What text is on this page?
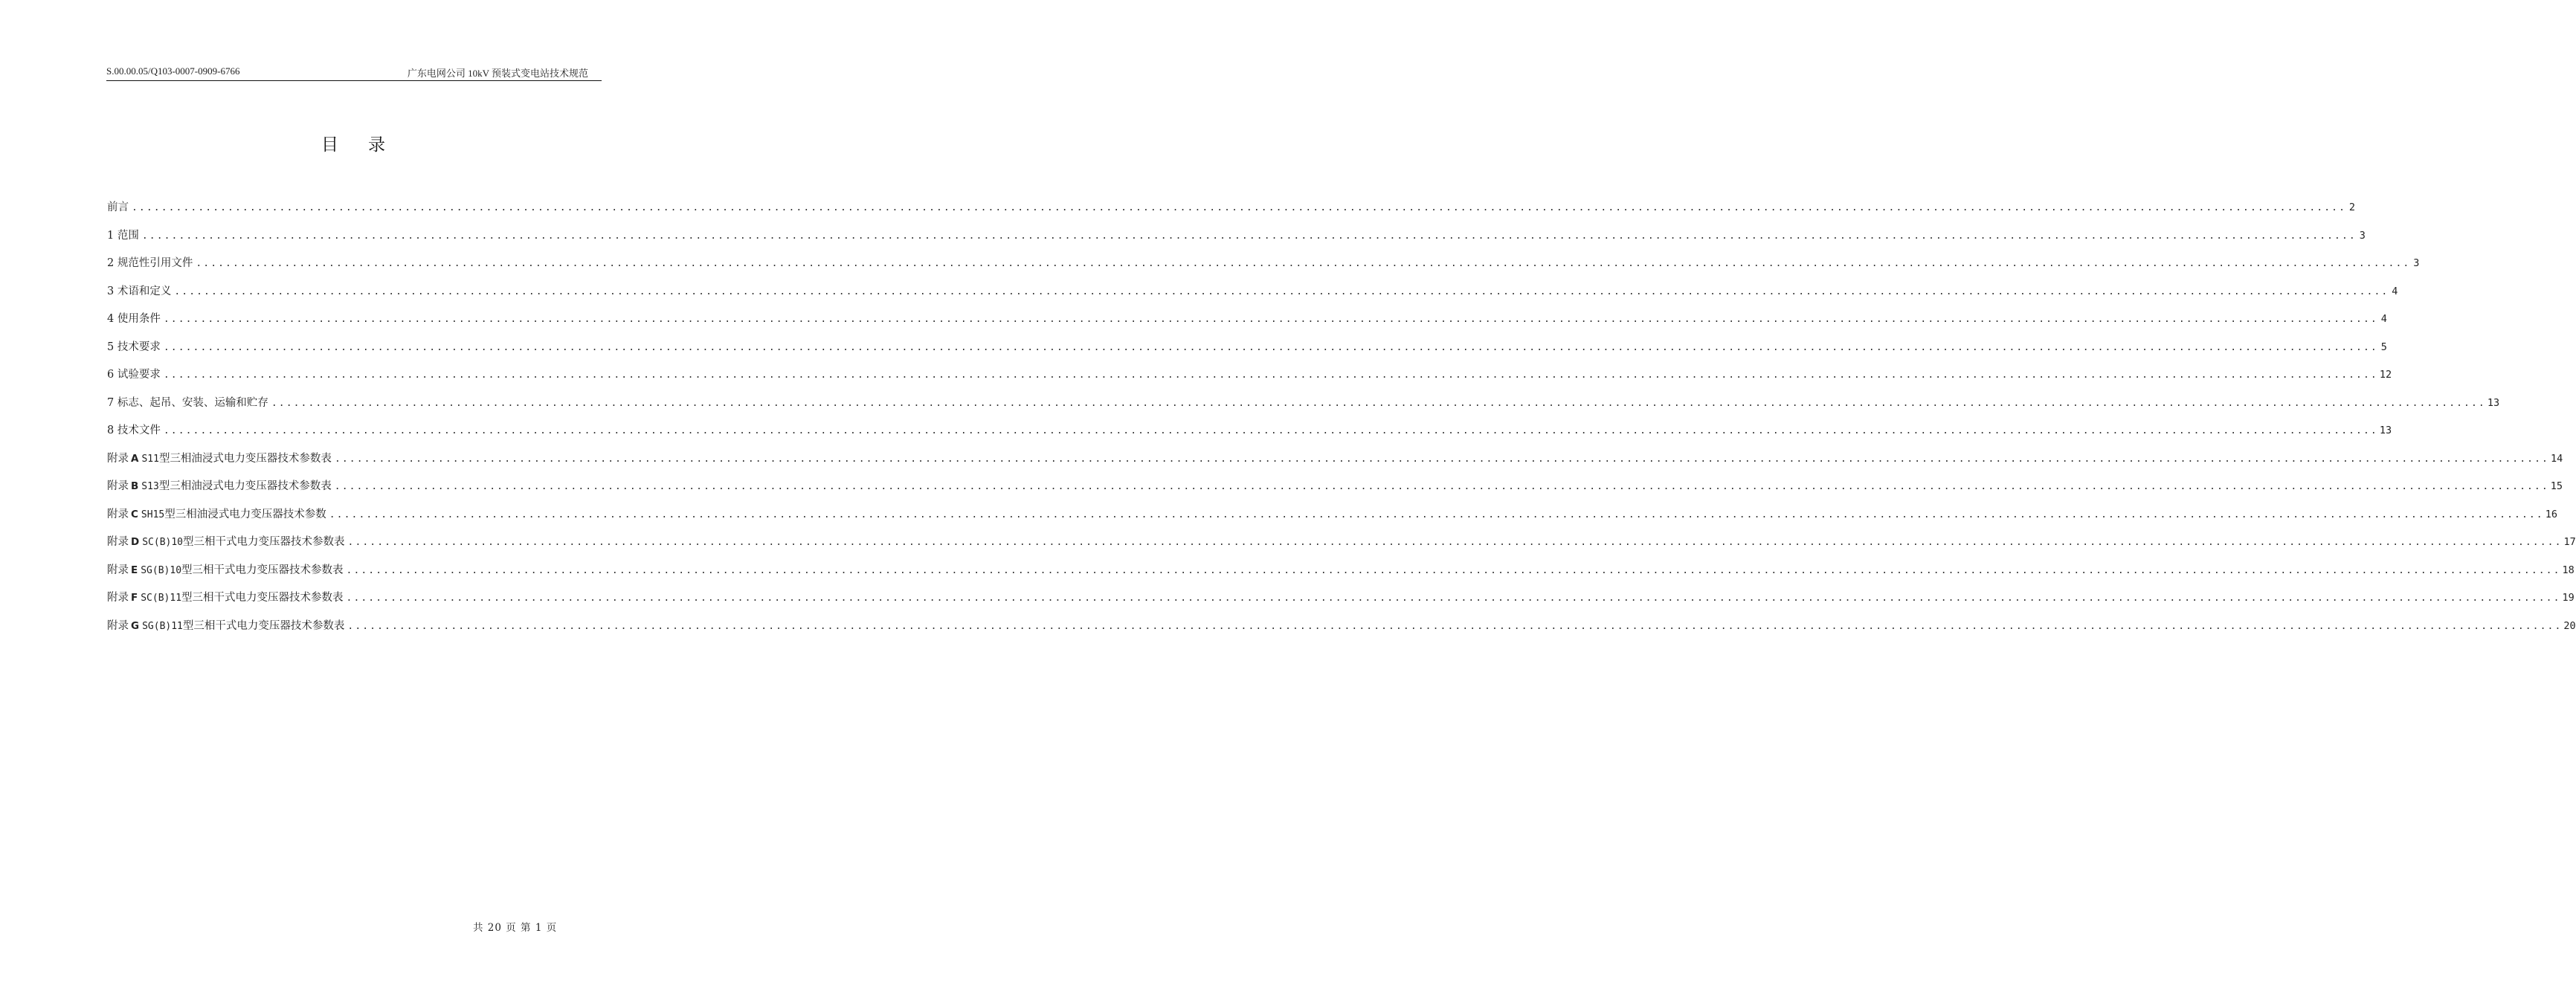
S.00.00.05/Q103-0007-0909-6766	广东电网公司 10kV 预装式变电站技术规范
目录
前言 ............................................................................................................................................................................................................................................................................................................ 2
1 范围 ............................................................................................................................................................................................................................................................................................................ 3
2 规范性引用文件 ............................................................................................................................................................................................................................................................................................................ 3
3 术语和定义 ............................................................................................................................................................................................................................................................................................................ 4
4 使用条件 ............................................................................................................................................................................................................................................................................................................ 4
5 技术要求 ............................................................................................................................................................................................................................................................................................................ 5
6 试验要求 ............................................................................................................................................................................................................................................................................................................ 12
7 标志、起吊、安装、运输和贮存 ............................................................................................................................................................................................................................................................................................................ 13
8 技术文件 ............................................................................................................................................................................................................................................................................................................ 13
附录 A S11型三相油浸式电力变压器技术参数表 ............................................................................................................................................................................................................................................................................................................ 14
附录 B S13型三相油浸式电力变压器技术参数表 ............................................................................................................................................................................................................................................................................................................ 15
附录 C SH15型三相油浸式电力变压器技术参数 ............................................................................................................................................................................................................................................................................................................ 16
附录 D SC(B)10型三相干式电力变压器技术参数表 ............................................................................................................................................................................................................................................................................................................ 17
附录 E SG(B)10型三相干式电力变压器技术参数表 ............................................................................................................................................................................................................................................................................................................ 18
附录 F SC(B)11型三相干式电力变压器技术参数表 ............................................................................................................................................................................................................................................................................................................ 19
附录 G SG(B)11型三相干式电力变压器技术参数表 ............................................................................................................................................................................................................................................................................................................ 20
共 20 页 第 1 页
